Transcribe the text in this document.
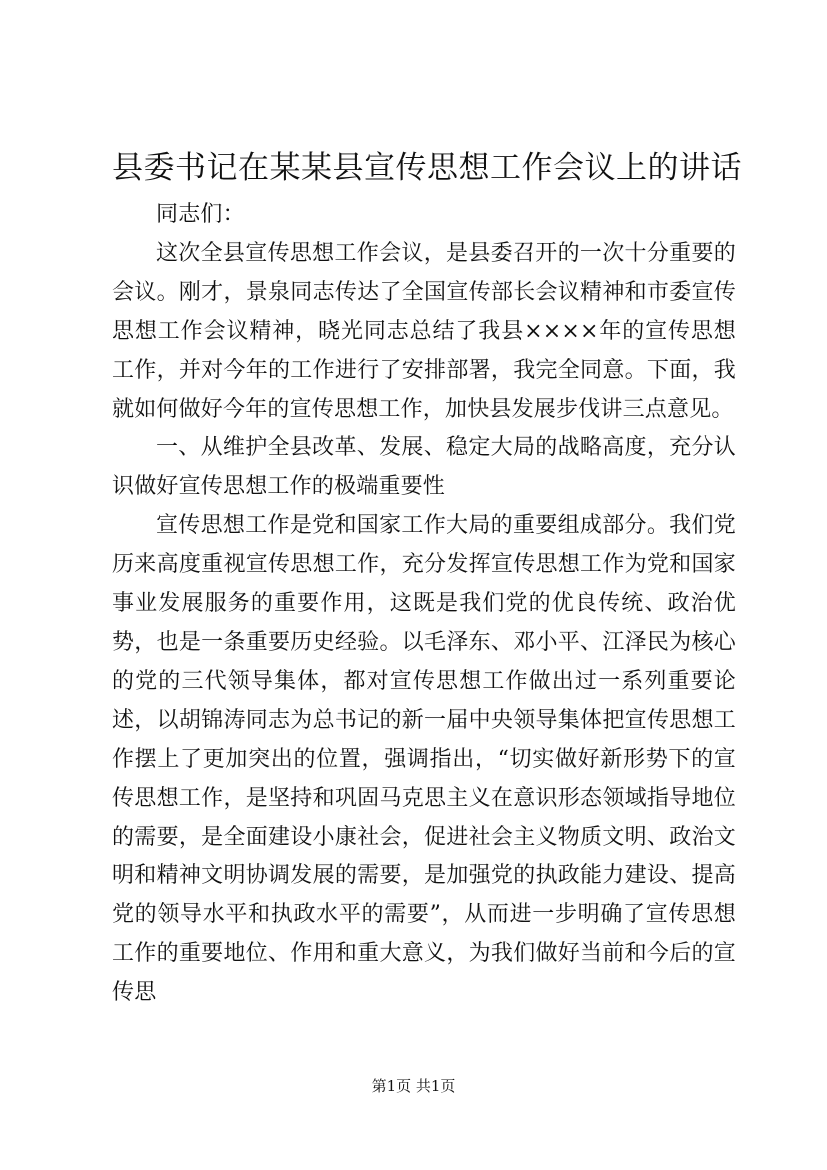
县委书记在某某县宣传思想工作会议上的讲话

同志们：

这次全县宣传思想工作会议，是县委召开的一次十分重要的会议。刚才，景泉同志传达了全国宣传部长会议精神和市委宣传思想工作会议精神，晓光同志总结了我县××××年的宣传思想工作，并对今年的工作进行了安排部署，我完全同意。下面，我就如何做好今年的宣传思想工作，加快县发展步伐讲三点意见。

一、从维护全县改革、发展、稳定大局的战略高度，充分认识做好宣传思想工作的极端重要性

宣传思想工作是党和国家工作大局的重要组成部分。我们党历来高度重视宣传思想工作，充分发挥宣传思想工作为党和国家事业发展服务的重要作用，这既是我们党的优良传统、政治优势，也是一条重要历史经验。以毛泽东、邓小平、江泽民为核心的党的三代领导集体，都对宣传思想工作做出过一系列重要论述，以胡锦涛同志为总书记的新一届中央领导集体把宣传思想工作摆上了更加突出的位置，强调指出，“切实做好新形势下的宣传思想工作，是坚持和巩固马克思主义在意识形态领域指导地位的需要，是全面建设小康社会，促进社会主义物质文明、政治文明和精神文明协调发展的需要，是加强党的执政能力建设、提高党的领导水平和执政水平的需要”，从而进一步明确了宣传思想工作的重要地位、作用和重大意义，为我们做好当前和今后的宣传思

第1页 共1页
